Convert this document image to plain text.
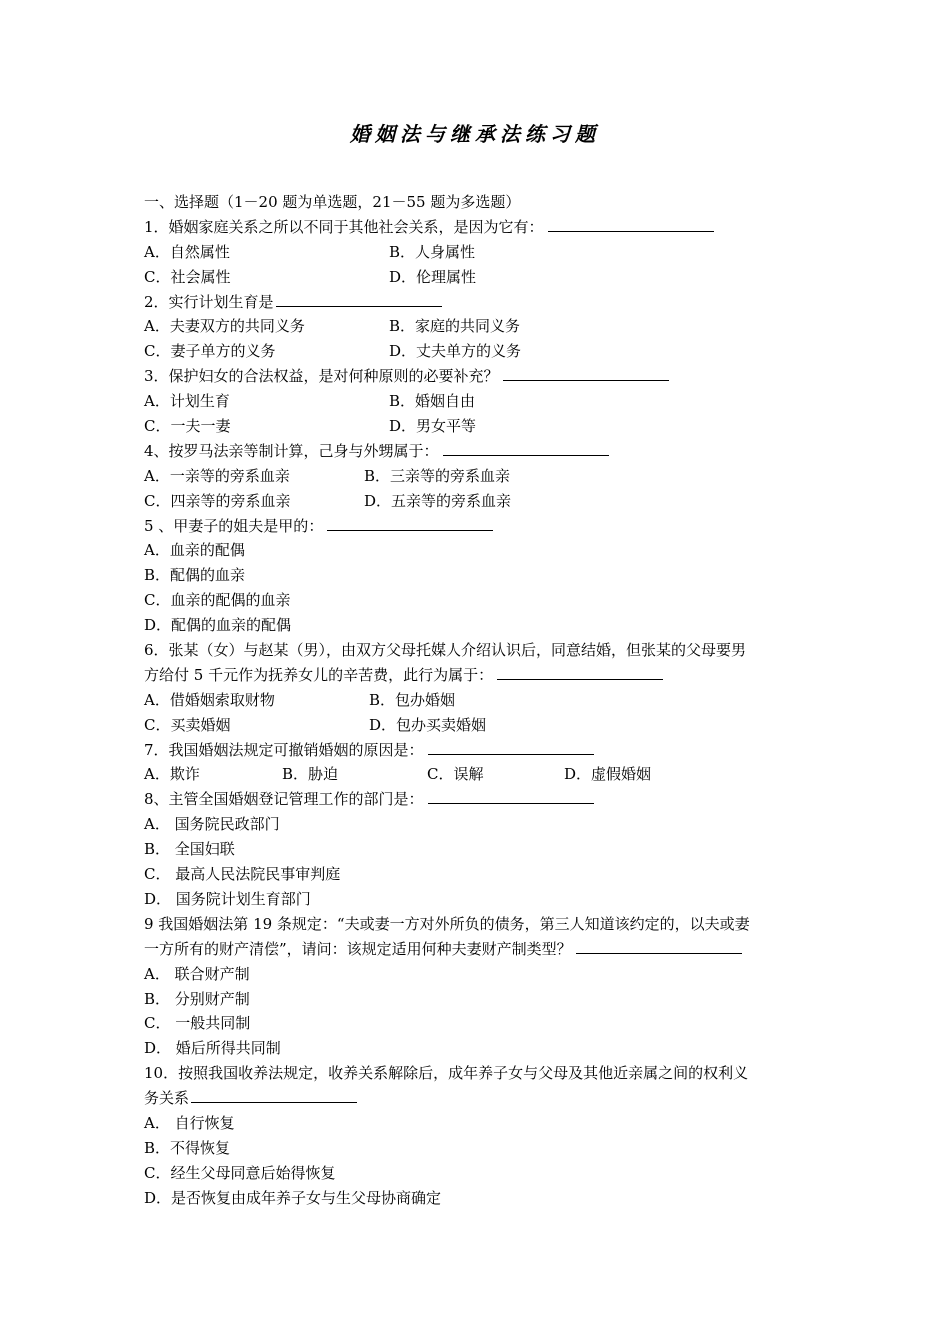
婚姻法与继承法练习题
一、选择题（1－20 题为单选题，21－55 题为多选题）
1．婚姻家庭关系之所以不同于其他社会关系，是因为它有：
A．自然属性	B．人身属性
C．社会属性	D．伦理属性
2．实行计划生育是
A．夫妻双方的共同义务	B．家庭的共同义务
C．妻子单方的义务	D．丈夫单方的义务
3．保护妇女的合法权益，是对何种原则的必要补充？
A．计划生育	B．婚姻自由
C．一夫一妻	D．男女平等
4、按罗马法亲等制计算，己身与外甥属于：
A．一亲等的旁系血亲	B．三亲等的旁系血亲
C．四亲等的旁系血亲	D．五亲等的旁系血亲
5 、甲妻子的姐夫是甲的：
A．血亲的配偶
B．配偶的血亲
C．血亲的配偶的血亲
D．配偶的血亲的配偶
6．张某（女）与赵某（男），由双方父母托媒人介绍认识后，同意结婚，但张某的父母要男
方给付 5 千元作为抚养女儿的辛苦费，此行为属于：
A．借婚姻索取财物	B．包办婚姻
C．买卖婚姻	D．包办买卖婚姻
7．我国婚姻法规定可撤销婚姻的原因是：
A．欺诈	B．胁迫	C．误解	D．虚假婚姻
8、主管全国婚姻登记管理工作的部门是：
A． 国务院民政部门
B． 全国妇联
C． 最高人民法院民事审判庭
D． 国务院计划生育部门
9 我国婚姻法第 19 条规定：“夫或妻一方对外所负的债务，第三人知道该约定的，以夫或妻
一方所有的财产清偿”，请问：该规定适用何种夫妻财产制类型？
A． 联合财产制
B． 分别财产制
C． 一般共同制
D． 婚后所得共同制
10．按照我国收养法规定，收养关系解除后，成年养子女与父母及其他近亲属之间的权利义
务关系
A． 自行恢复
B．不得恢复
C．经生父母同意后始得恢复
D．是否恢复由成年养子女与生父母协商确定
